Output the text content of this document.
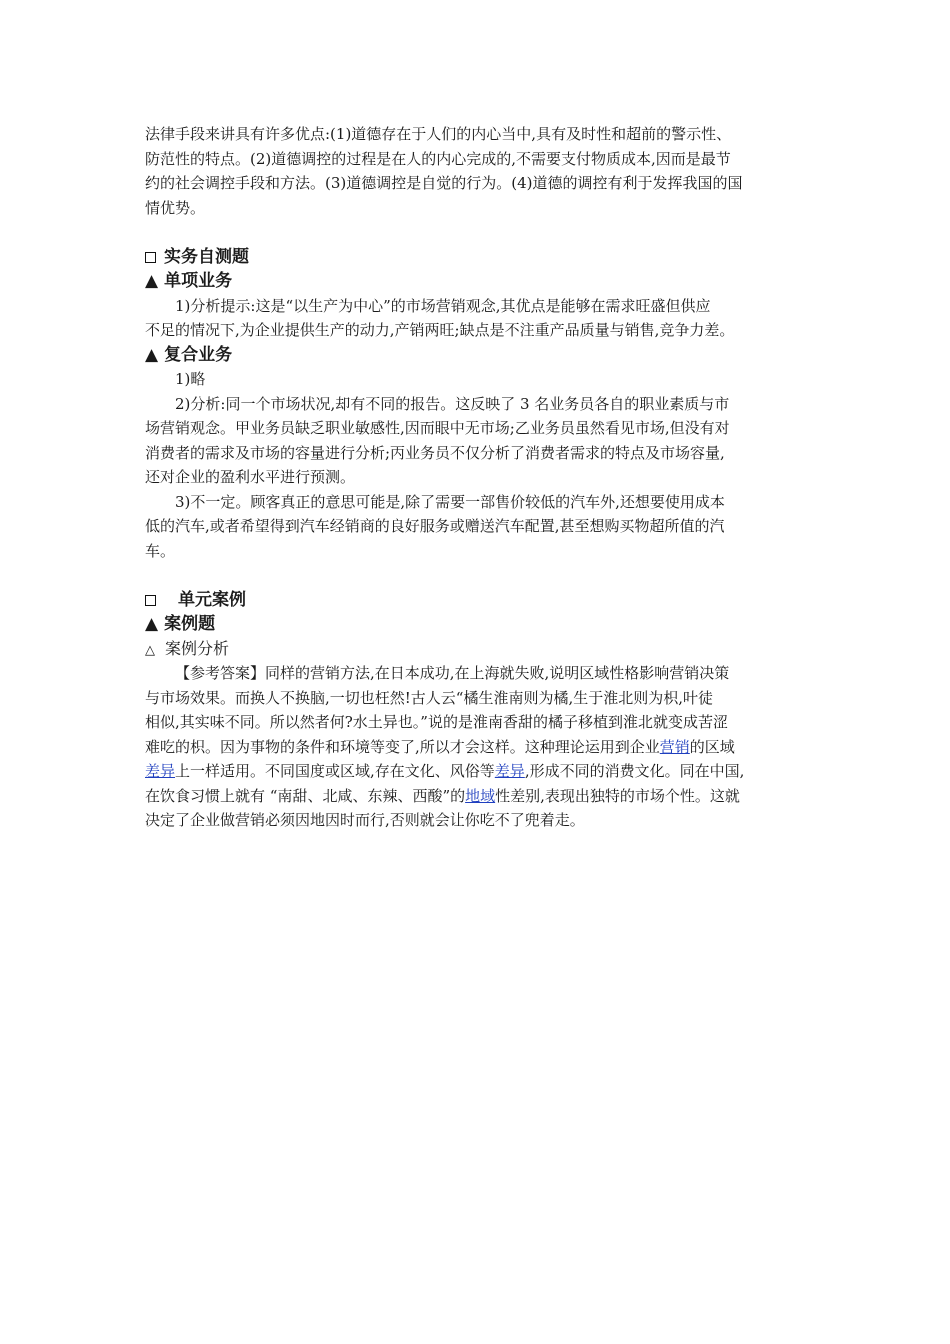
法律手段来讲具有许多优点:(1)道德存在于人们的内心当中,具有及时性和超前的警示性、
防范性的特点。(2)道德调控的过程是在人的内心完成的,不需要支付物质成本,因而是最节
约的社会调控手段和方法。(3)道德调控是自觉的行为。(4)道德的调控有利于发挥我国的国
情优势。
实务自测题
▲ 单项业务
1)分析提示:这是“以生产为中心”的市场营销观念,其优点是能够在需求旺盛但供应
不足的情况下,为企业提供生产的动力,产销两旺;缺点是不注重产品质量与销售,竞争力差。
▲ 复合业务
1)略
2)分析:同一个市场状况,却有不同的报告。这反映了 3 名业务员各自的职业素质与市
场营销观念。甲业务员缺乏职业敏感性,因而眼中无市场;乙业务员虽然看见市场,但没有对
消费者的需求及市场的容量进行分析;丙业务员不仅分析了消费者需求的特点及市场容量,
还对企业的盈利水平进行预测。
3)不一定。顾客真正的意思可能是,除了需要一部售价较低的汽车外,还想要使用成本
低的汽车,或者希望得到汽车经销商的良好服务或赠送汽车配置,甚至想购买物超所值的汽
车。
单元案例
▲ 案例题
△ 案例分析
【参考答案】同样的营销方法,在日本成功,在上海就失败,说明区域性格影响营销决策
与市场效果。而换人不换脑,一切也枉然!古人云“橘生淮南则为橘,生于淮北则为枳,叶徒
相似,其实味不同。所以然者何?水土异也。”说的是淮南香甜的橘子移植到淮北就变成苦涩
难吃的枳。因为事物的条件和环境等变了,所以才会这样。这种理论运用到企业营销的区域
差异上一样适用。不同国度或区域,存在文化、风俗等差异,形成不同的消费文化。同在中国,
在饮食习惯上就有 “南甜、北咸、东辣、西酸”的地域性差别,表现出独特的市场个性。这就
决定了企业做营销必须因地因时而行,否则就会让你吃不了兜着走。
